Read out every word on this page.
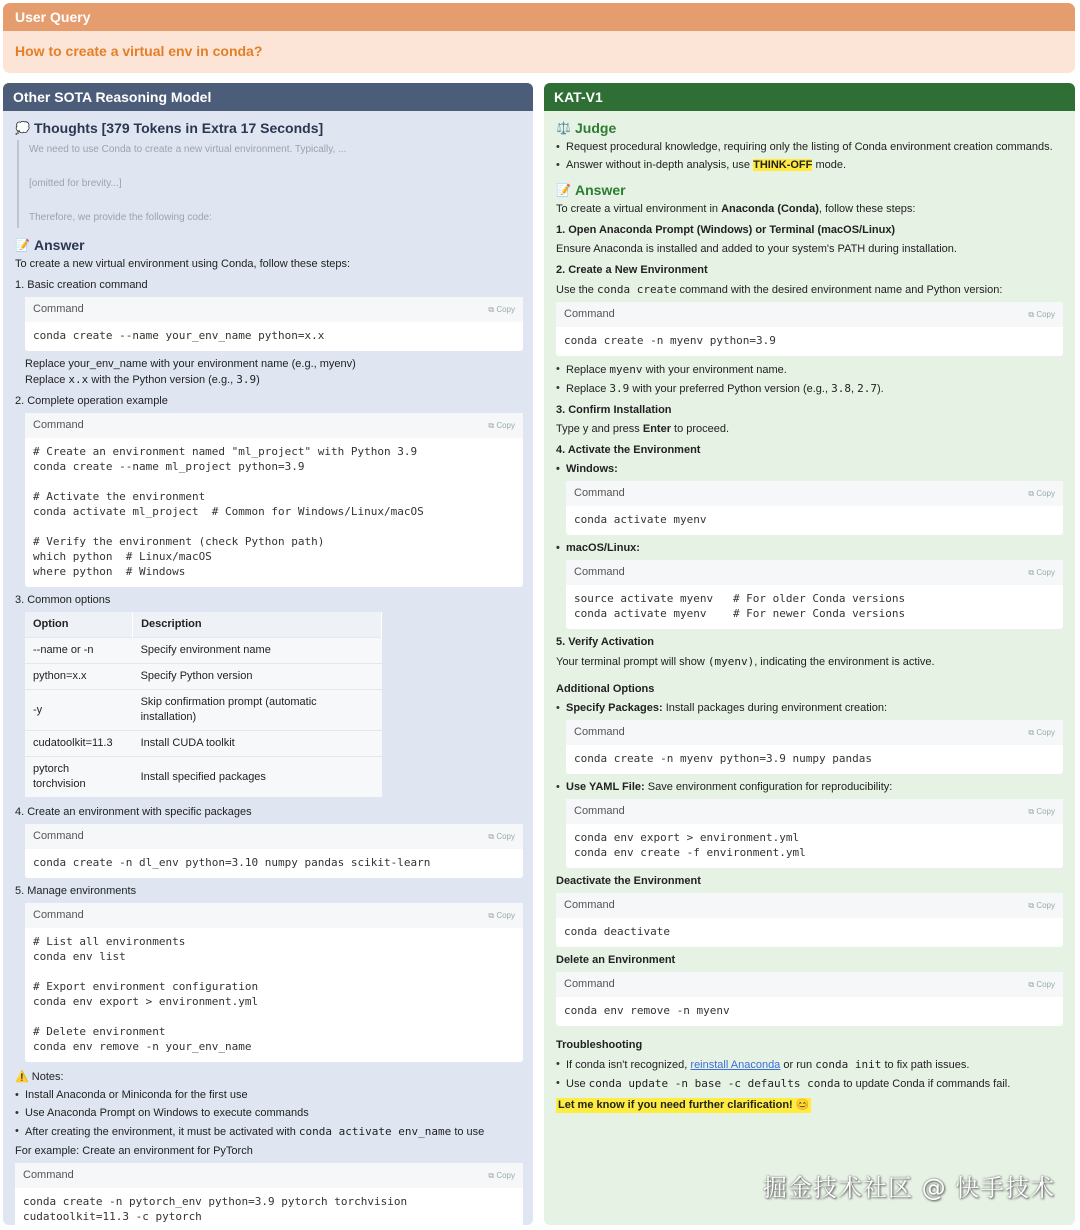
User Query
How to create a virtual env in conda?
Other SOTA Reasoning Model
💭 Thoughts [379 Tokens in Extra 17 Seconds]

We need to use Conda to create a new virtual environment. Typically, ...

[omitted for brevity...]

Therefore, we provide the following code:

📝 Answer

To create a new virtual environment using Conda, follow these steps:

1. Basic creation command

Command	⧉ Copy
conda create --name your_env_name python=x.x

Replace your_env_name with your environment name (e.g., myenv)

Replace x.x with the Python version (e.g., 3.9)

2. Complete operation example

Command	⧉ Copy
# Create an environment named "ml_project" with Python 3.9
conda create --name ml_project python=3.9

# Activate the environment
conda activate ml_project  # Common for Windows/Linux/macOS

# Verify the environment (check Python path)
which python  # Linux/macOS
where python  # Windows

3. Common options

Option	Description
--name or -n	Specify environment name
python=x.x	Specify Python version
-y	Skip confirmation prompt (automatic installation)
cudatoolkit=11.3	Install CUDA toolkit
pytorch torchvision	Install specified packages

4. Create an environment with specific packages

Command	⧉ Copy
conda create -n dl_env python=3.10 numpy pandas scikit-learn

5. Manage environments

Command	⧉ Copy
# List all environments
conda env list

# Export environment configuration
conda env export > environment.yml

# Delete environment
conda env remove -n your_env_name

⚠️ Notes:

• Install Anaconda or Miniconda for the first use
• Use Anaconda Prompt on Windows to execute commands
• After creating the environment, it must be activated with conda activate env_name to use

For example: Create an environment for PyTorch

Command	⧉ Copy
conda create -n pytorch_env python=3.9 pytorch torchvision
cudatoolkit=11.3 -c pytorch
KAT-V1
⚖️ Judge
• Request procedural knowledge, requiring only the listing of Conda environment creation commands.
• Answer without in-depth analysis, use THINK-OFF mode.
📝 Answer

To create a virtual environment in Anaconda (Conda), follow these steps:

1. Open Anaconda Prompt (Windows) or Terminal (macOS/Linux)

Ensure Anaconda is installed and added to your system's PATH during installation.

2. Create a New Environment

Use the conda create command with the desired environment name and Python version:

Command	⧉ Copy
conda create -n myenv python=3.9
• Replace myenv with your environment name.
• Replace 3.9 with your preferred Python version (e.g., 3.8, 2.7).

3. Confirm Installation

Type y and press Enter to proceed.

4. Activate the Environment

• Windows:
Command	⧉ Copy
conda activate myenv
• macOS/Linux:
Command	⧉ Copy
source activate myenv   # For older Conda versions
conda activate myenv    # For newer Conda versions

5. Verify Activation

Your terminal prompt will show (myenv), indicating the environment is active.

Additional Options

• Specify Packages: Install packages during environment creation:
Command	⧉ Copy
conda create -n myenv python=3.9 numpy pandas
• Use YAML File: Save environment configuration for reproducibility:
Command	⧉ Copy
conda env export > environment.yml
conda env create -f environment.yml

Deactivate the Environment

Command	⧉ Copy
conda deactivate

Delete an Environment

Command	⧉ Copy
conda env remove -n myenv

Troubleshooting

• If conda isn't recognized, reinstall Anaconda or run conda init to fix path issues.
• Use conda update -n base -c defaults conda to update Conda if commands fail.

Let me know if you need further clarification! 😊

掘金技术社区 @ 快手技术
